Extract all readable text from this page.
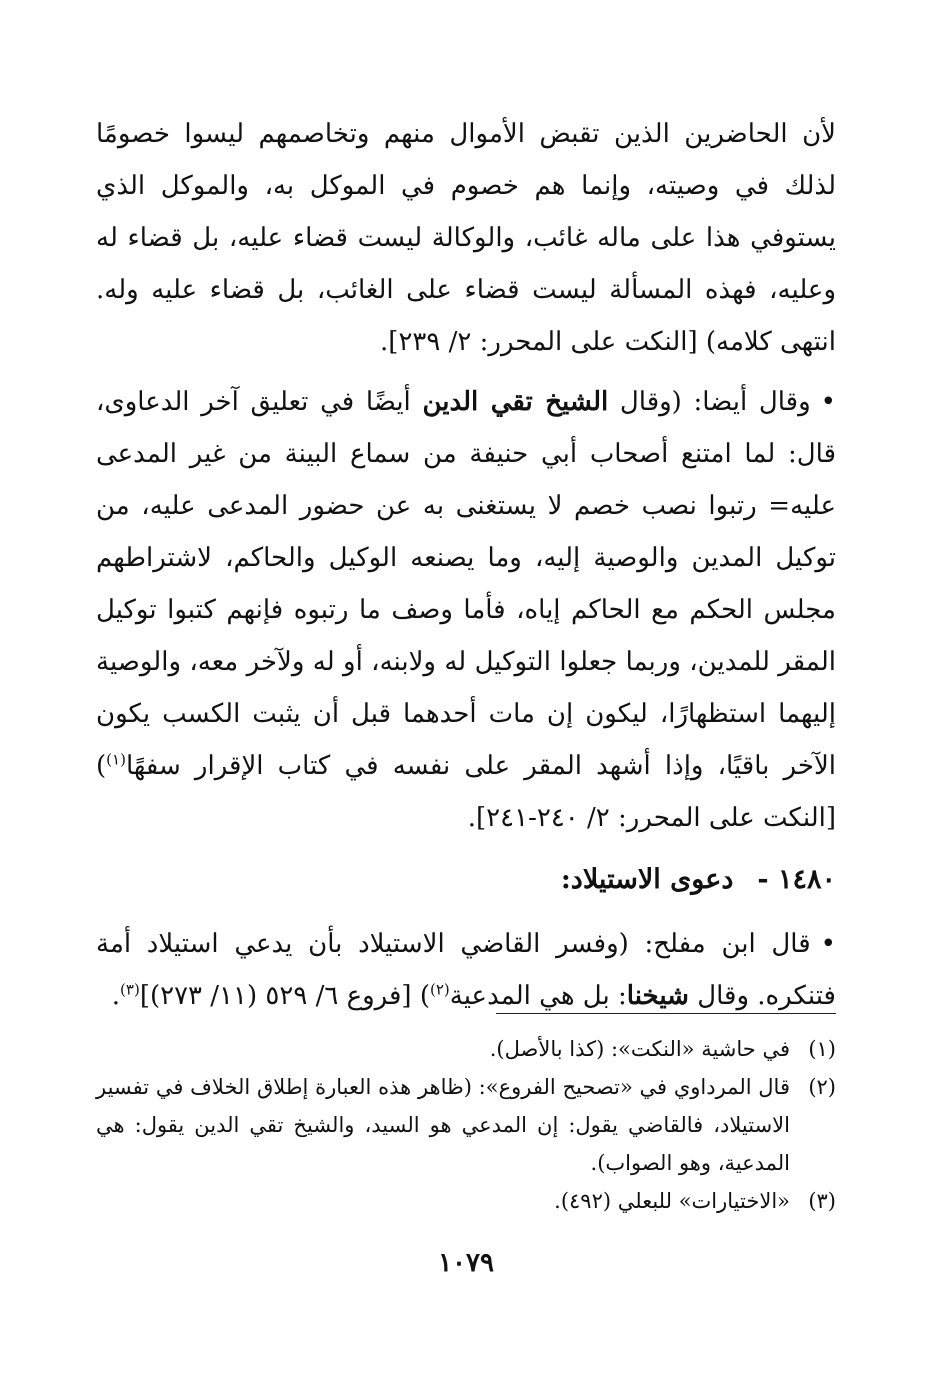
لأن الحاضرين الذين تقبض الأموال منهم وتخاصمهم ليسوا خصومًا لذلك في وصيته، وإنما هم خصوم في الموكل به، والموكل الذي يستوفي هذا على ماله غائب، والوكالة ليست قضاء عليه، بل قضاء له وعليه، فهذه المسألة ليست قضاء على الغائب، بل قضاء عليه وله. انتهى كلامه) [النكت على المحرر: ٢/ ٢٣٩].

•وقال أيضا: (وقال الشيخ تقي الدين أيضًا في تعليق آخر الدعاوى، قال: لما امتنع أصحاب أبي حنيفة من سماع البينة من غير المدعى عليه= رتبوا نصب خصم لا يستغنى به عن حضور المدعى عليه، من توكيل المدين والوصية إليه، وما يصنعه الوكيل والحاكم، لاشتراطهم مجلس الحكم مع الحاكم إياه، فأما وصف ما رتبوه فإنهم كتبوا توكيل المقر للمدين، وربما جعلوا التوكيل له ولابنه، أو له ولآخر معه، والوصية إليهما استظهارًا، ليكون إن مات أحدهما قبل أن يثبت الكسب يكون الآخر باقيًا، وإذا أشهد المقر على نفسه في كتاب الإقرار سفهًا$^{(١)}$) [النكت على المحرر: ٢/ ٢٤٠-٢٤١].

١٤٨٠ -دعوى الاستيلاد:

•قال ابن مفلح: (وفسر القاضي الاستيلاد بأن يدعي استيلاد أمة فتنكره. وقال شيخنا: بل هي المدعية$^{(٢)}$) [فروع ٦/ ٥٢٩ (١١/ ٢٧٣)]$^{(٣)}$.

(١)
في حاشية «النكت»: (كذا بالأصل).

(٢)
قال المرداوي في «تصحيح الفروع»: (ظاهر هذه العبارة إطلاق الخلاف في تفسير الاستيلاد، فالقاضي يقول: إن المدعي هو السيد، والشيخ تقي الدين يقول: هي المدعية، وهو الصواب).

(٣)
«الاختيارات» للبعلي (٤٩٢).

١٠٧٩
